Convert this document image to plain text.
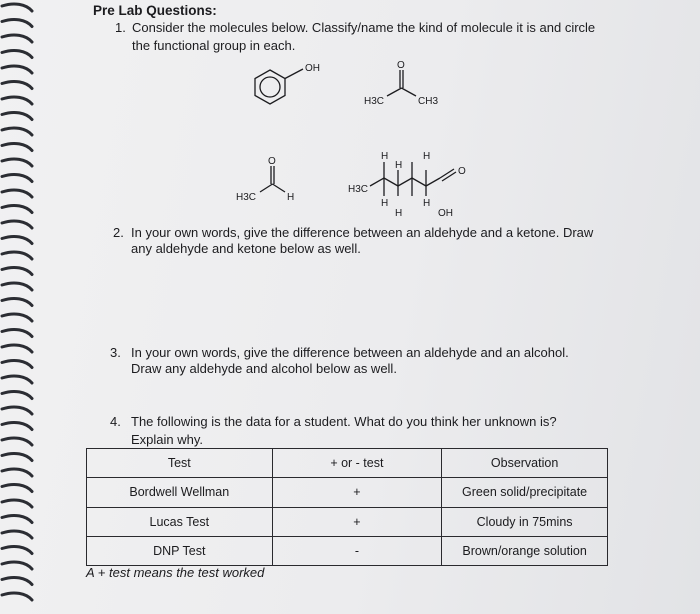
Pre Lab Questions:
1. Consider the molecules below. Classify/name the kind of molecule it is and circle
the functional group in each.
OH	O
H3C	CH3
O
H3C	H
H3C
O
H
H
H
H	H
H	OH
2. In your own words, give the difference between an aldehyde and a ketone. Draw
any aldehyde and ketone below as well.
3. In your own words, give the difference between an aldehyde and an alcohol.
Draw any aldehyde and alcohol below as well.
4. The following is the data for a student. What do you think her unknown is?
Explain why.
Test	+ or - test	Observation
Bordwell Wellman	+	Green solid/precipitate
Lucas Test	+	Cloudy in 75mins
DNP Test	-	Brown/orange solution
A + test means the test worked
